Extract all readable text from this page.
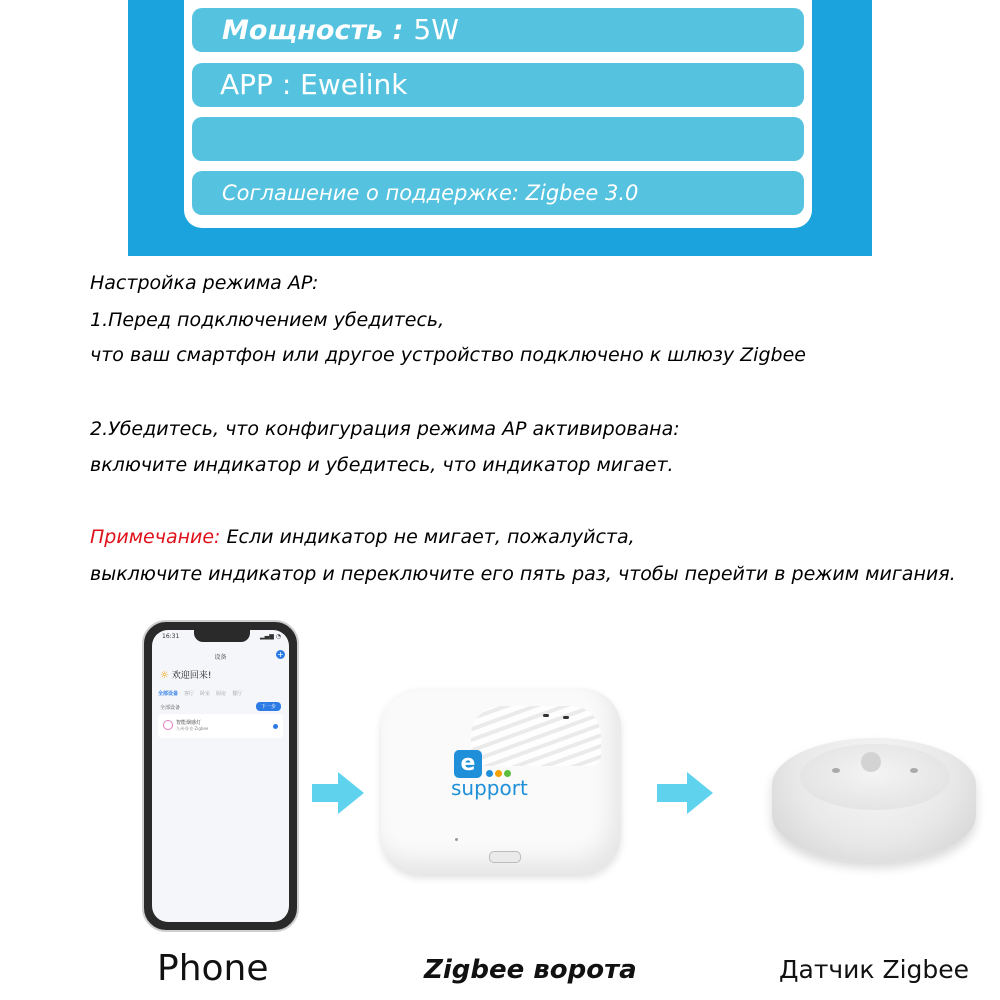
Мощность : 5W
APP : Ewelink
Соглашение о поддержке: Zigbee 3.0
Настройка режима AP:
1.Перед подключением убедитесь,
что ваш смартфон или другое устройство подключено к шлюзу Zigbee
2.Убедитесь, что конфигурация режима AP активирована:
включите индикатор и убедитесь, что индикатор мигает.
Примечание: Если индикатор не мигает, пожалуйста,
выключите индикатор и переключите его пять раз, чтобы перейти в режим мигания.
16:31	▂▄▆ ◔
设备	+
☼ 欢迎回来!
全部设备 客厅 卧室 厨房 餐厅
全部设备	下一步
智能烟感灯
九州·卧室·Zigbee
e
support
Phone	Zigbee ворота	Датчик Zigbee
